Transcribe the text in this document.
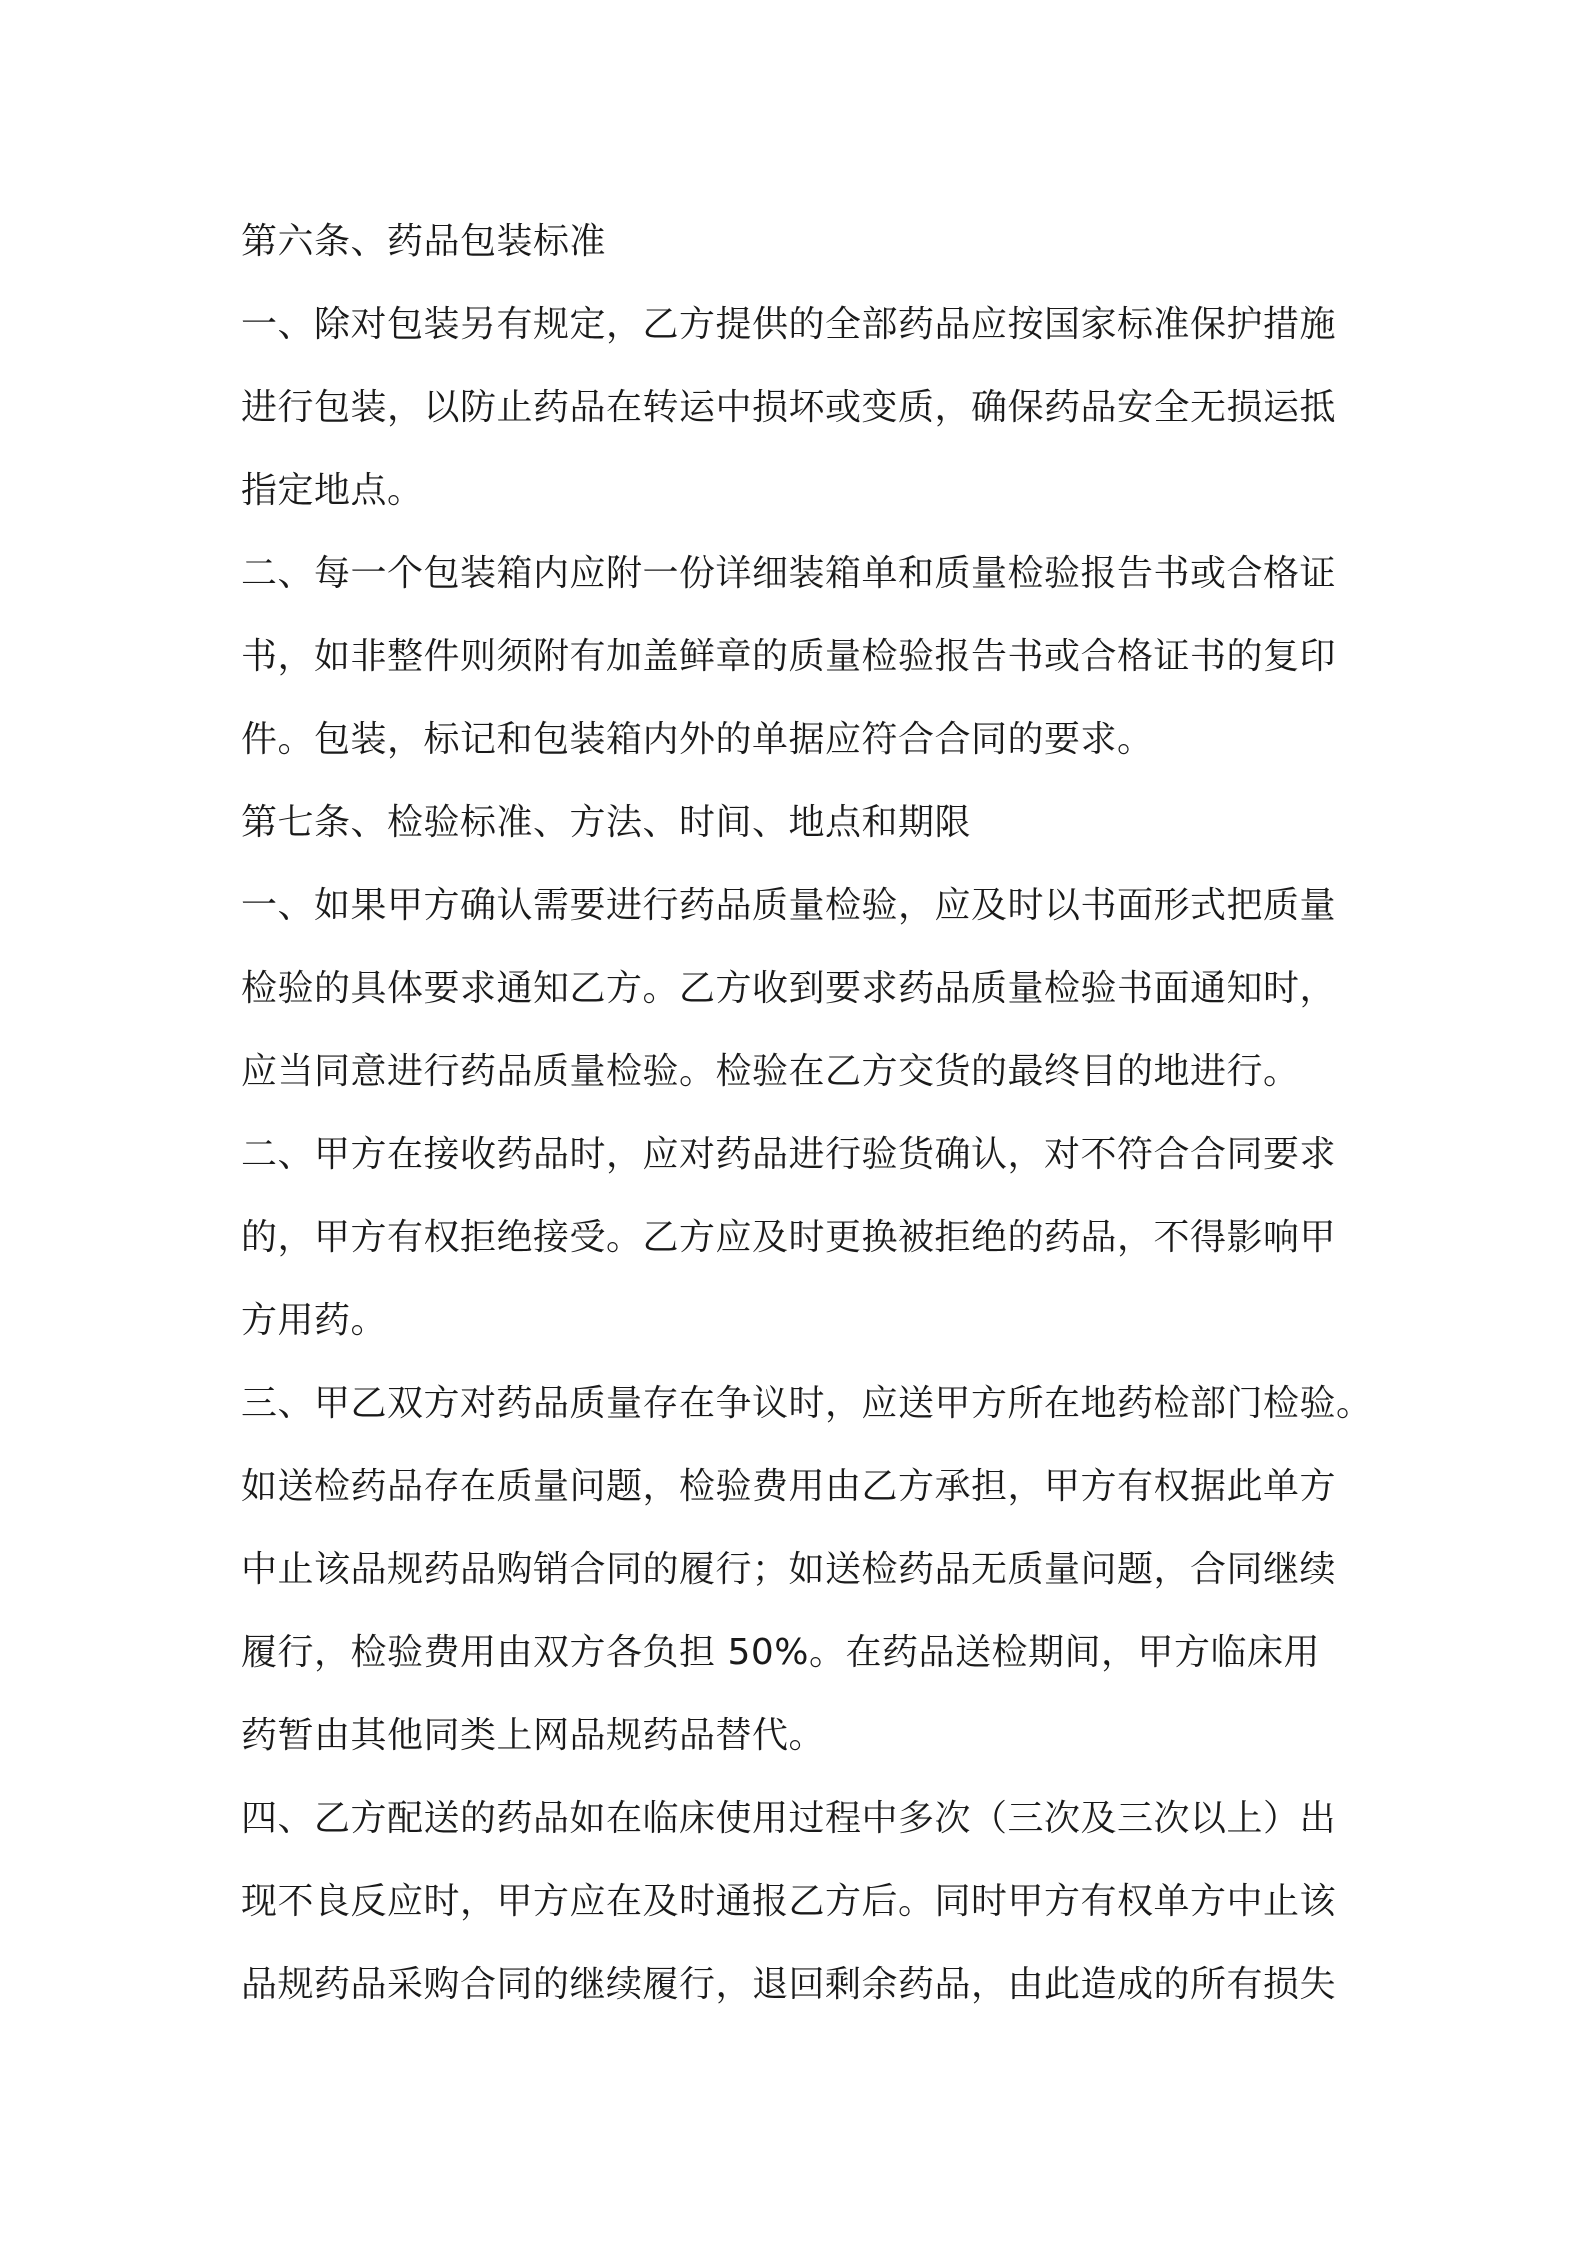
第六条、药品包装标准
一、除对包装另有规定，乙方提供的全部药品应按国家标准保护措施
进行包装，以防止药品在转运中损坏或变质，确保药品安全无损运抵
指定地点。
二、每一个包装箱内应附一份详细装箱单和质量检验报告书或合格证
书，如非整件则须附有加盖鲜章的质量检验报告书或合格证书的复印
件。包装，标记和包装箱内外的单据应符合合同的要求。
第七条、检验标准、方法、时间、地点和期限
一、如果甲方确认需要进行药品质量检验，应及时以书面形式把质量
检验的具体要求通知乙方。乙方收到要求药品质量检验书面通知时，
应当同意进行药品质量检验。检验在乙方交货的最终目的地进行。
二、甲方在接收药品时，应对药品进行验货确认，对不符合合同要求
的，甲方有权拒绝接受。乙方应及时更换被拒绝的药品，不得影响甲
方用药。
三、甲乙双方对药品质量存在争议时，应送甲方所在地药检部门检验。
如送检药品存在质量问题，检验费用由乙方承担，甲方有权据此单方
中止该品规药品购销合同的履行；如送检药品无质量问题，合同继续
履行，检验费用由双方各负担 50%。在药品送检期间，甲方临床用
药暂由其他同类上网品规药品替代。
四、乙方配送的药品如在临床使用过程中多次（三次及三次以上）出
现不良反应时，甲方应在及时通报乙方后。同时甲方有权单方中止该
品规药品采购合同的继续履行，退回剩余药品，由此造成的所有损失
